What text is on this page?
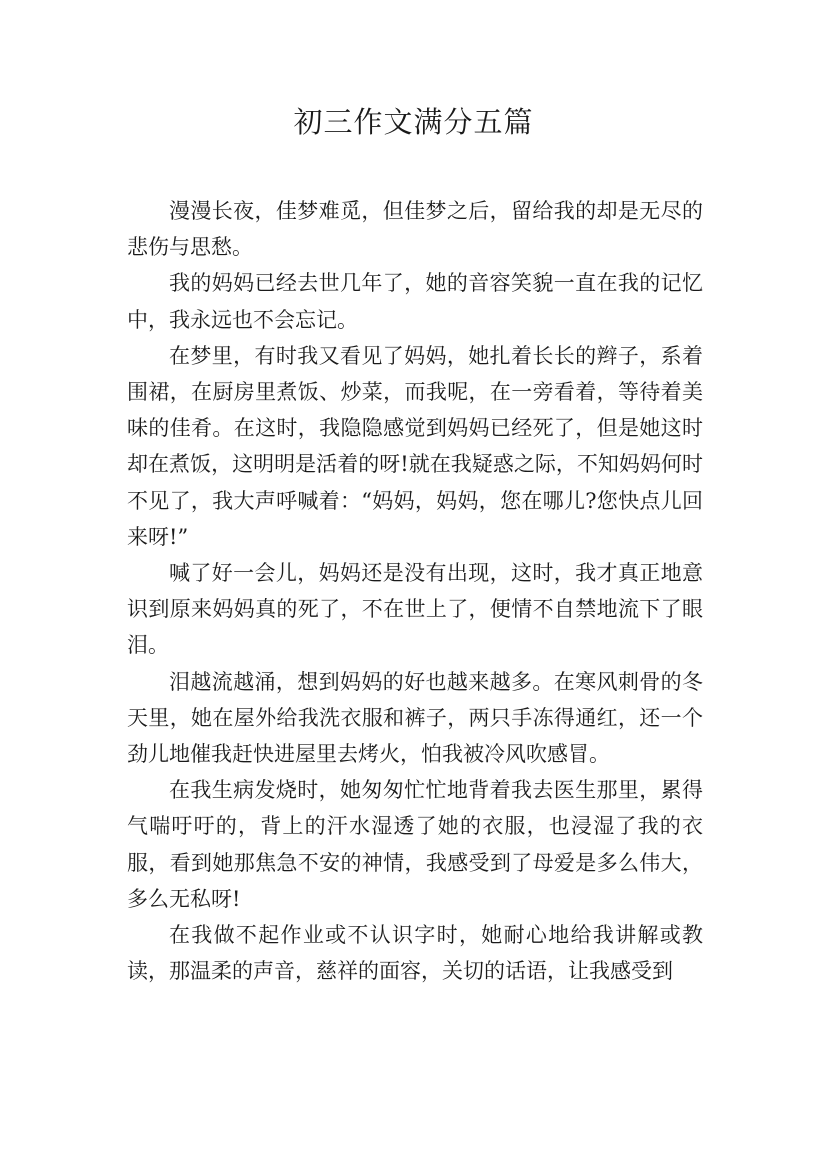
初三作文满分五篇

漫漫长夜，佳梦难觅，但佳梦之后，留给我的却是无尽的悲伤与思愁。

我的妈妈已经去世几年了，她的音容笑貌一直在我的记忆中，我永远也不会忘记。

在梦里，有时我又看见了妈妈，她扎着长长的辫子，系着围裙，在厨房里煮饭、炒菜，而我呢，在一旁看着，等待着美味的佳肴。在这时，我隐隐感觉到妈妈已经死了，但是她这时却在煮饭，这明明是活着的呀!就在我疑惑之际，不知妈妈何时不见了，我大声呼喊着：“妈妈，妈妈，您在哪儿?您快点儿回来呀!”

喊了好一会儿，妈妈还是没有出现，这时，我才真正地意识到原来妈妈真的死了，不在世上了，便情不自禁地流下了眼泪。

泪越流越涌，想到妈妈的好也越来越多。在寒风刺骨的冬天里，她在屋外给我洗衣服和裤子，两只手冻得通红，还一个劲儿地催我赶快进屋里去烤火，怕我被冷风吹感冒。

在我生病发烧时，她匆匆忙忙地背着我去医生那里，累得气喘吁吁的，背上的汗水湿透了她的衣服，也浸湿了我的衣服，看到她那焦急不安的神情，我感受到了母爱是多么伟大，多么无私呀!

在我做不起作业或不认识字时，她耐心地给我讲解或教读，那温柔的声音，慈祥的面容，关切的话语，让我感受到
